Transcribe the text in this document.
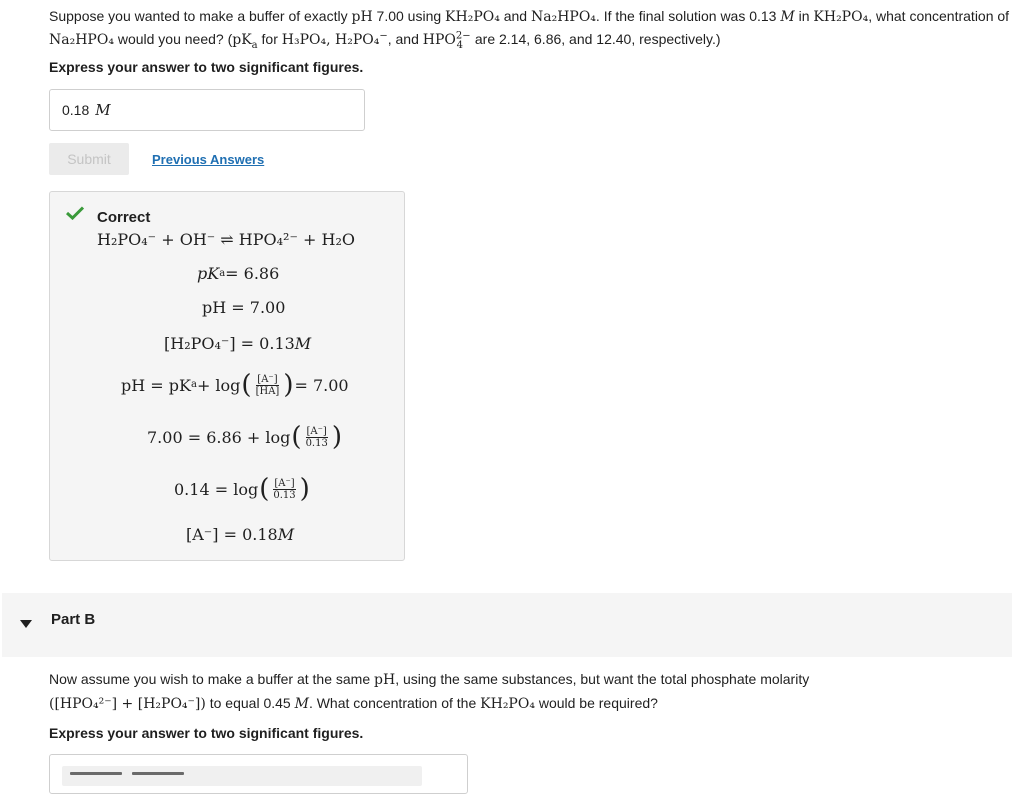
Suppose you wanted to make a buffer of exactly pH 7.00 using KH₂PO₄ and Na₂HPO₄. If the final solution was 0.13 M in KH₂PO₄, what concentration of Na₂HPO₄ would you need? ($pK_a$ for H₃PO₄, H₂PO₄−, and $HPO^{2-}_4$ are 2.14, 6.86, and 12.40, respectively.)
Express your answer to two significant figures.
0.18 M
Submit	Previous Answers
Correct
H₂PO₄ ⁻ + OH⁻ ⇌ HPO₄ ²⁻ + H₂O
pK a = 6.86
pH = 7.00
[H₂PO₄⁻] = 0.13 M
pH = pK a + log ( $\frac{[A^-]}{[HA]}$ ) = 7.00
7.00 = 6.86 + log ( $\frac{[A^-]}{0.13}$ )
0.14 = log ( $\frac{[A^-]}{0.13}$ )
[A⁻] = 0.18 M
Part B
Now assume you wish to make a buffer at the same pH, using the same substances, but want the total phosphate molarity
([HPO₄²⁻] + [H₂PO₄⁻]) to equal 0.45 M. What concentration of the KH₂PO₄ would be required?
Express your answer to two significant figures.
